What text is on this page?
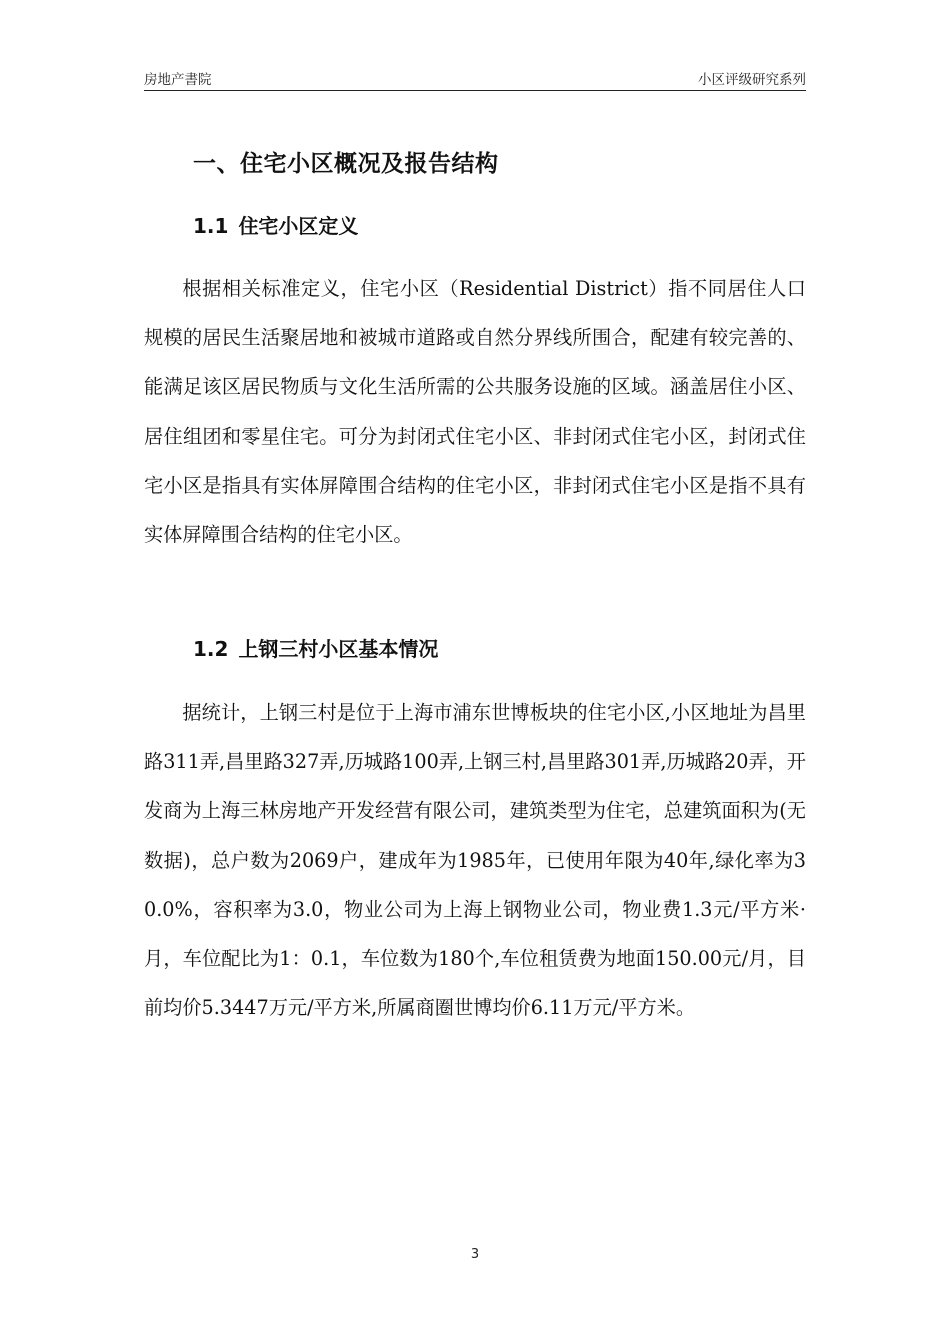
房地产書院	小区评级研究系列
一、住宅小区概况及报告结构
1.1 住宅小区定义

根据相关标准定义，住宅小区（Residential District）指不同居住人口规模的居民生活聚居地和被城市道路或自然分界线所围合，配建有较完善的、能满足该区居民物质与文化生活所需的公共服务设施的区域。涵盖居住小区、居住组团和零星住宅。可分为封闭式住宅小区、非封闭式住宅小区，封闭式住宅小区是指具有实体屏障围合结构的住宅小区，非封闭式住宅小区是指不具有实体屏障围合结构的住宅小区。

1.2 上钢三村小区基本情况

据统计，上钢三村是位于上海市浦东世博板块的住宅小区,小区地址为昌里路311弄,昌里路327弄,历城路100弄,上钢三村,昌里路301弄,历城路20弄，开发商为上海三林房地产开发经营有限公司，建筑类型为住宅，总建筑面积为(无数据)，总户数为2069户，建成年为1985年，已使用年限为40年,绿化率为30.0%，容积率为3.0，物业公司为上海上钢物业公司，物业费1.3元/平方米·月，车位配比为1：0.1，车位数为180个,车位租赁费为地面150.00元/月，目前均价5.3447万元/平方米,所属商圈世博均价6.11万元/平方米。

3
